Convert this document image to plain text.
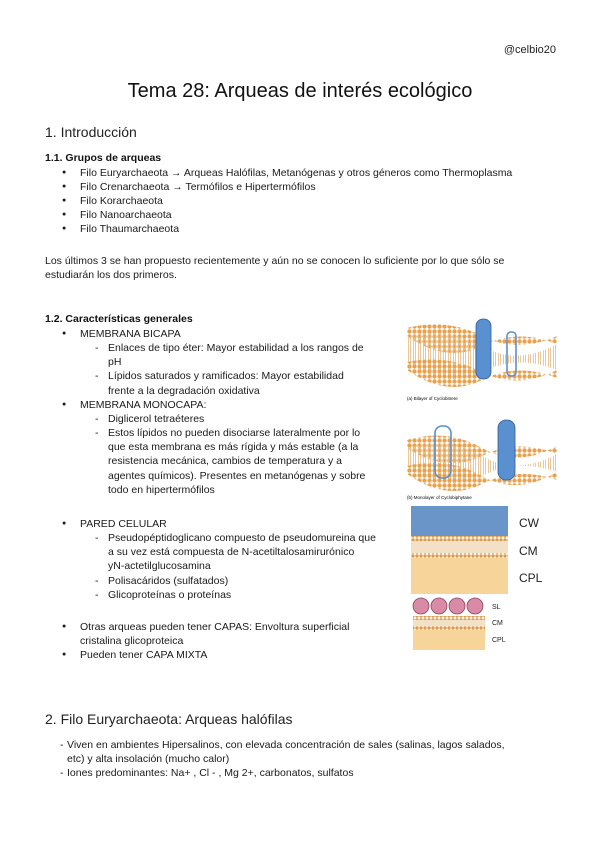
@celbio20
Tema 28: Arqueas de interés ecológico
1. Introducción
1.1. Grupos de arqueas
● Filo Euryarchaeota → Arqueas Halófilas, Metanógenas y otros géneros como Thermoplasma
● Filo Crenarchaeota → Termófilos e Hipertermófilos
● Filo Korarchaeota
● Filo Nanoarchaeota
● Filo Thaumarchaeota
Los últimos 3 se han propuesto recientemente y aún no se conocen lo suficiente por lo que sólo se
estudiarán los dos primeros.
1.2. Características generales
● MEMBRANA BICAPA
- Enlaces de tipo éter: Mayor estabilidad a los rangos de
pH
- Lípidos saturados y ramificados: Mayor estabilidad
frente a la degradación oxidativa
● MEMBRANA MONOCAPA:
- Diglicerol tetraéteres
- Estos lípidos no pueden disociarse lateralmente por lo
que esta membrana es más rígida y más estable (a la
resistencia mecánica, cambios de temperatura y a
agentes químicos). Presentes en metanógenas y sobre
todo en hipertermófilos
● PARED CELULAR
- Pseudopéptidoglicano compuesto de pseudomureina que
a su vez está compuesta de N-acetiltalosamirurónico
yN-actetilglucosamina
- Polisacáridos (sulfatados)
- Glicoproteínas o proteínas
● Otras arqueas pueden tener CAPAS: Envoltura superficial
cristalina glicoproteica
● Pueden tener CAPA MIXTA
(a) Bilayer of Cyclobitrere
(b) Monolayer of Cyclobiphytane
CW
CM
CPL
SL
CM
CPL
2. Filo Euryarchaeota: Arqueas halófilas
- Viven en ambientes Hipersalinos, con elevada concentración de sales (salinas, lagos salados,
etc) y alta insolación (mucho calor)
- Iones predominantes: Na+ , Cl - , Mg 2+, carbonatos, sulfatos
